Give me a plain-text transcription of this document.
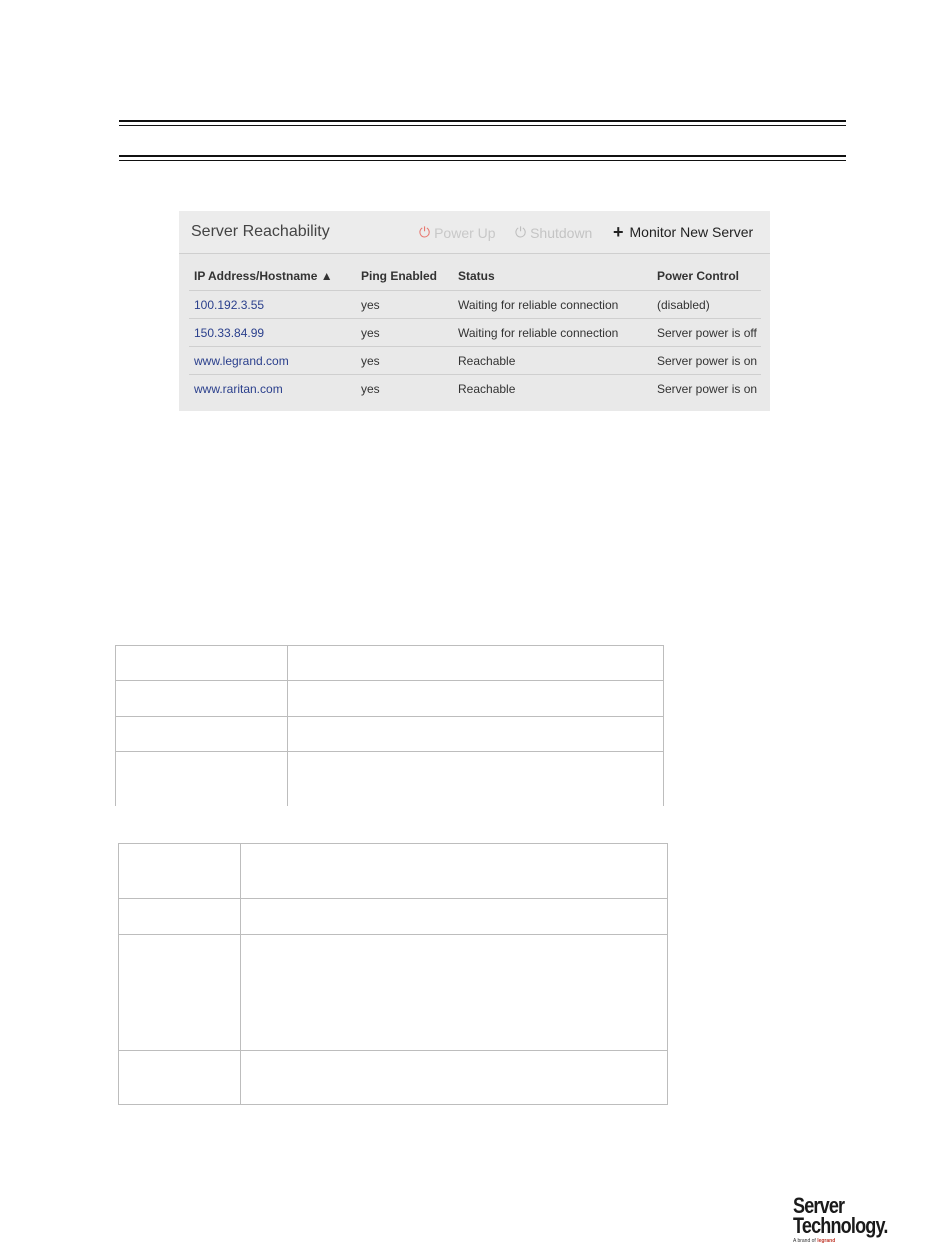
Server Reachability	⏻ Power Up ⏻ Shutdown + Monitor New Server
IP Address/Hostname ▲	Ping Enabled	Status	Power Control
100.192.3.55	yes	Waiting for reliable connection	(disabled)
150.33.84.99	yes	Waiting for reliable connection	Server power is off
www.legrand.com	yes	Reachable	Server power is on
www.raritan.com	yes	Reachable	Server power is on

Server
Technology.
A brand of legrand
